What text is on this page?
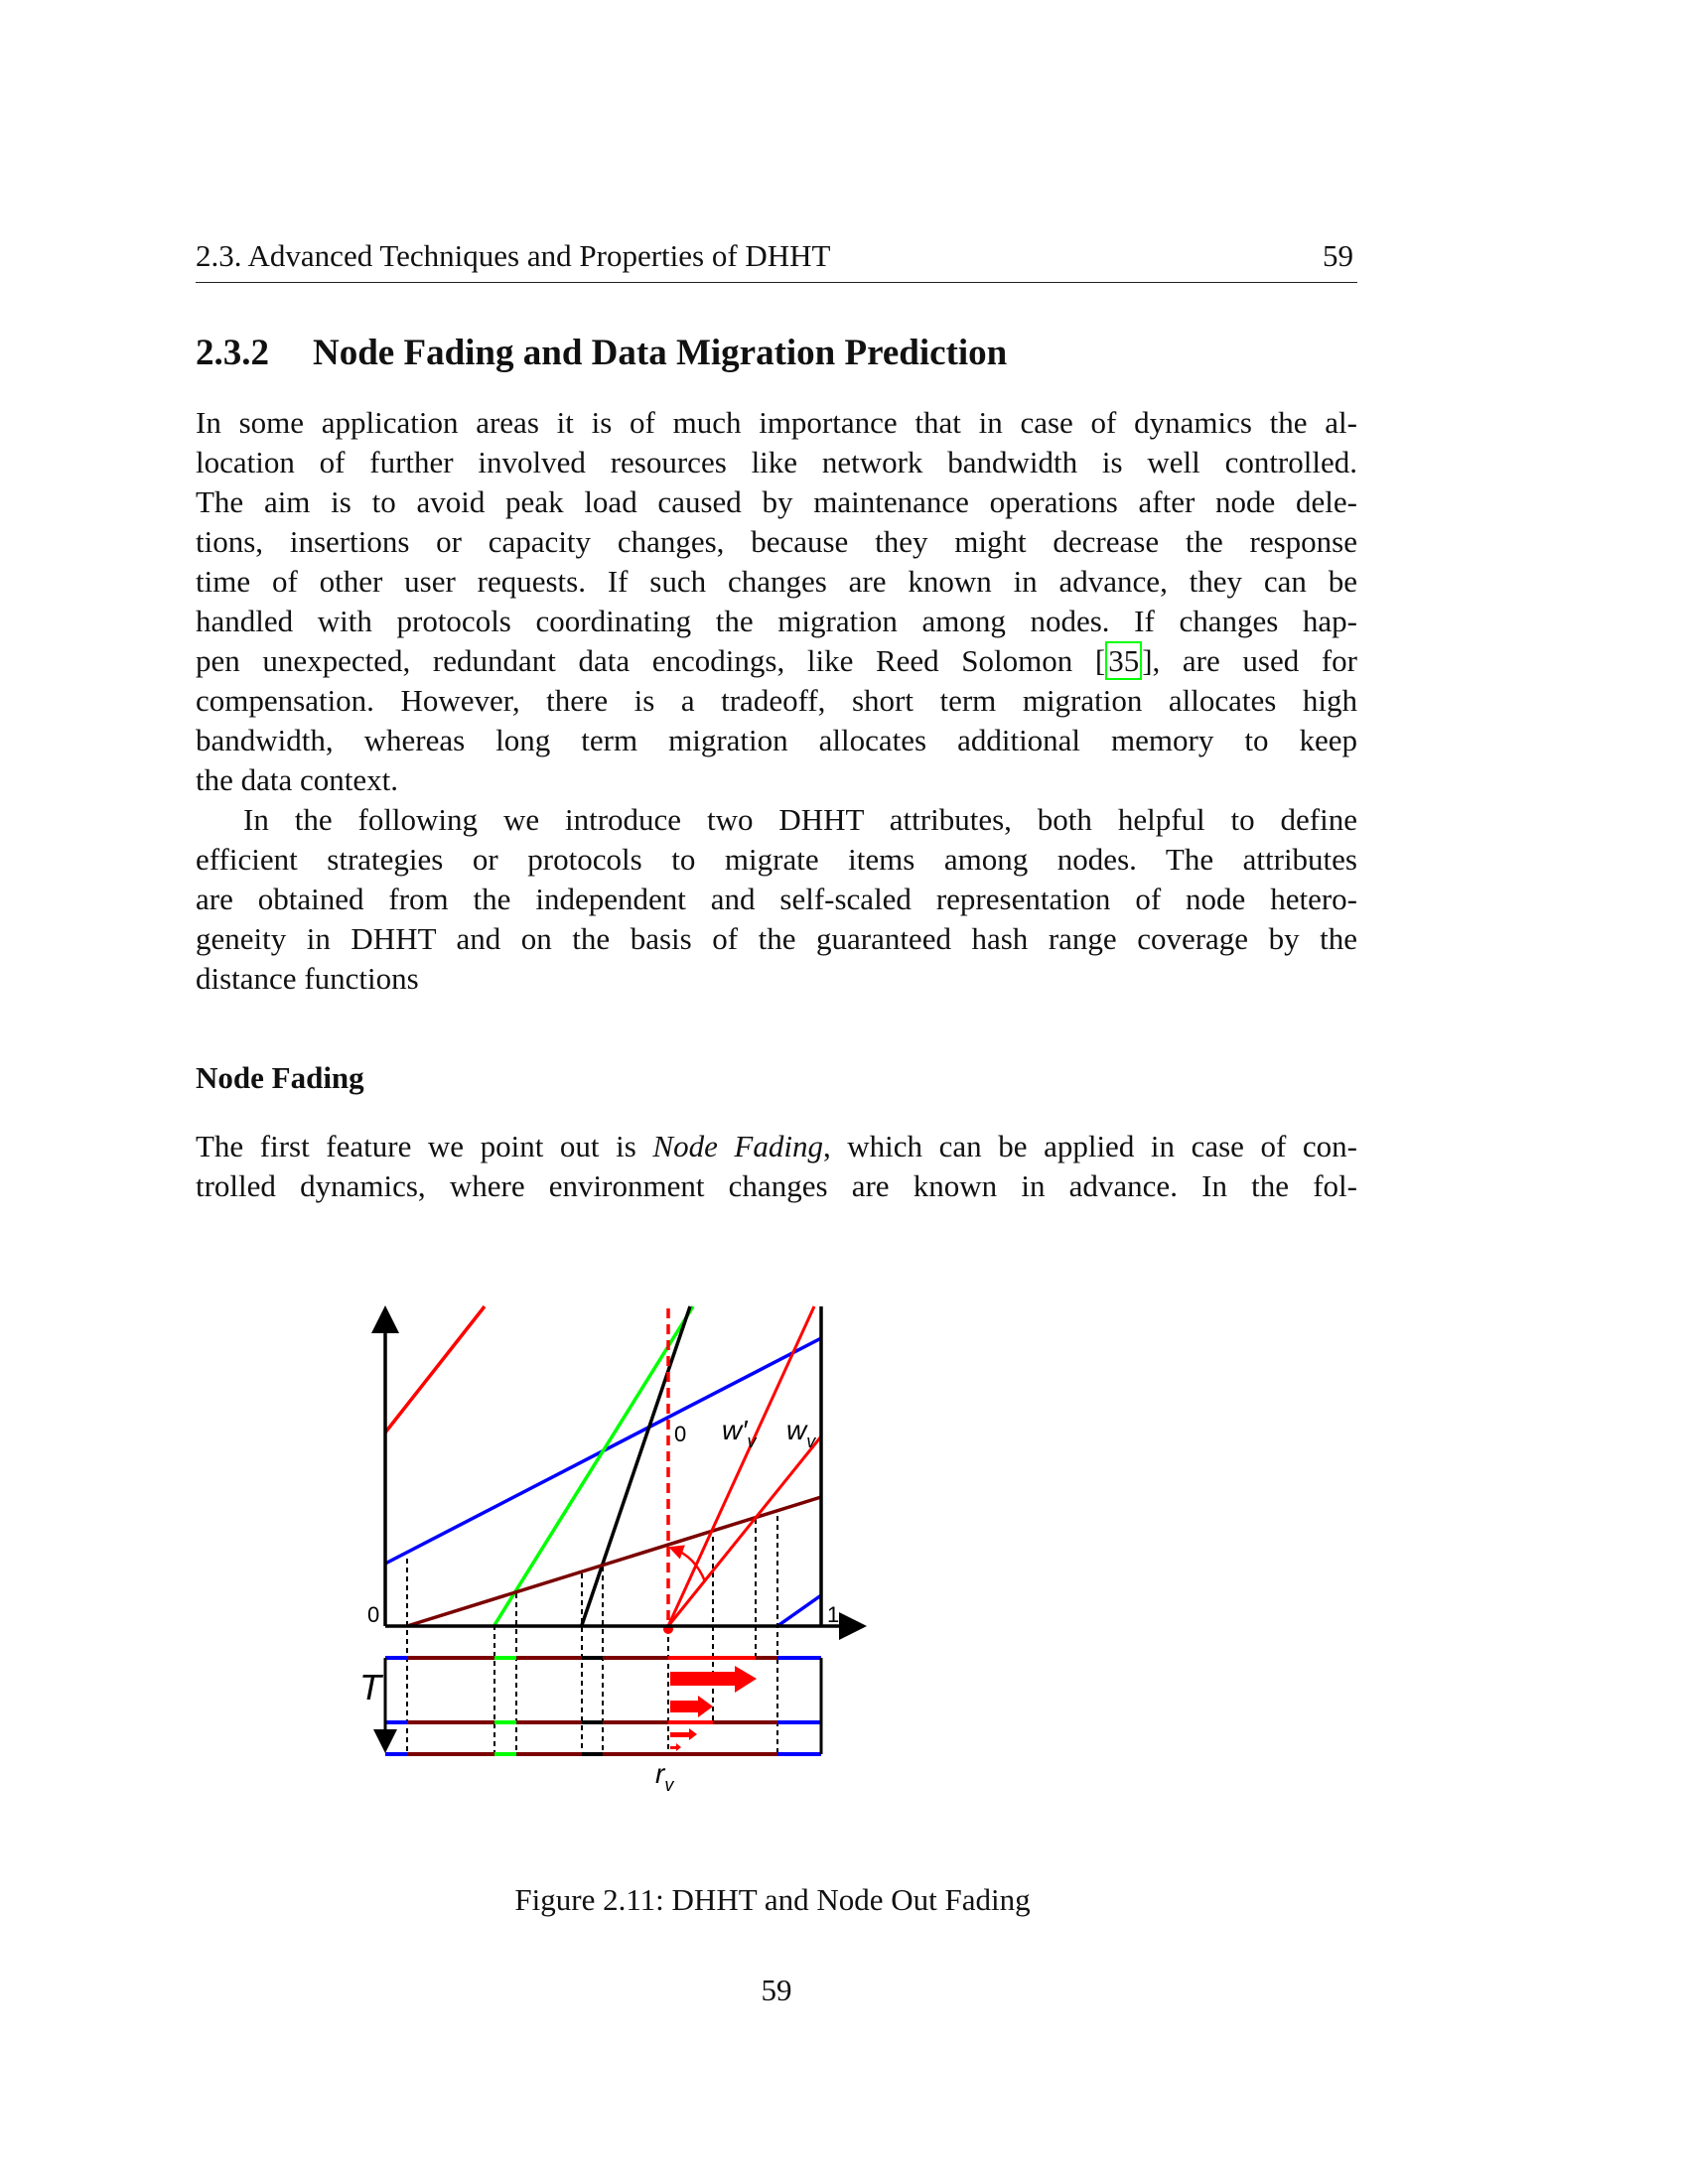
2.3. Advanced Techniques and Properties of DHHT	59
2.3.2 Node Fading and Data Migration Prediction
In some application areas it is of much importance that in case of dynamics the al-
location of further involved resources like network bandwidth is well controlled.
The aim is to avoid peak load caused by maintenance operations after node dele-
tions, insertions or capacity changes, because they might decrease the response
time of other user requests. If such changes are known in advance, they can be
handled with protocols coordinating the migration among nodes. If changes hap-
pen unexpected, redundant data encodings, like Reed Solomon [35], are used for
compensation. However, there is a tradeoff, short term migration allocates high
bandwidth, whereas long term migration allocates additional memory to keep
the data context.
In the following we introduce two DHHT attributes, both helpful to define
efficient strategies or protocols to migrate items among nodes. The attributes
are obtained from the independent and self-scaled representation of node hetero-
geneity in DHHT and on the basis of the guaranteed hash range coverage by the
distance functions
Node Fading
The first feature we point out is Node Fading, which can be applied in case of con-
trolled dynamics, where environment changes are known in advance. In the fol-
0	1
0 $w'_v$ $w_v$
T
$r_v$
Figure 2.11: DHHT and Node Out Fading
59
